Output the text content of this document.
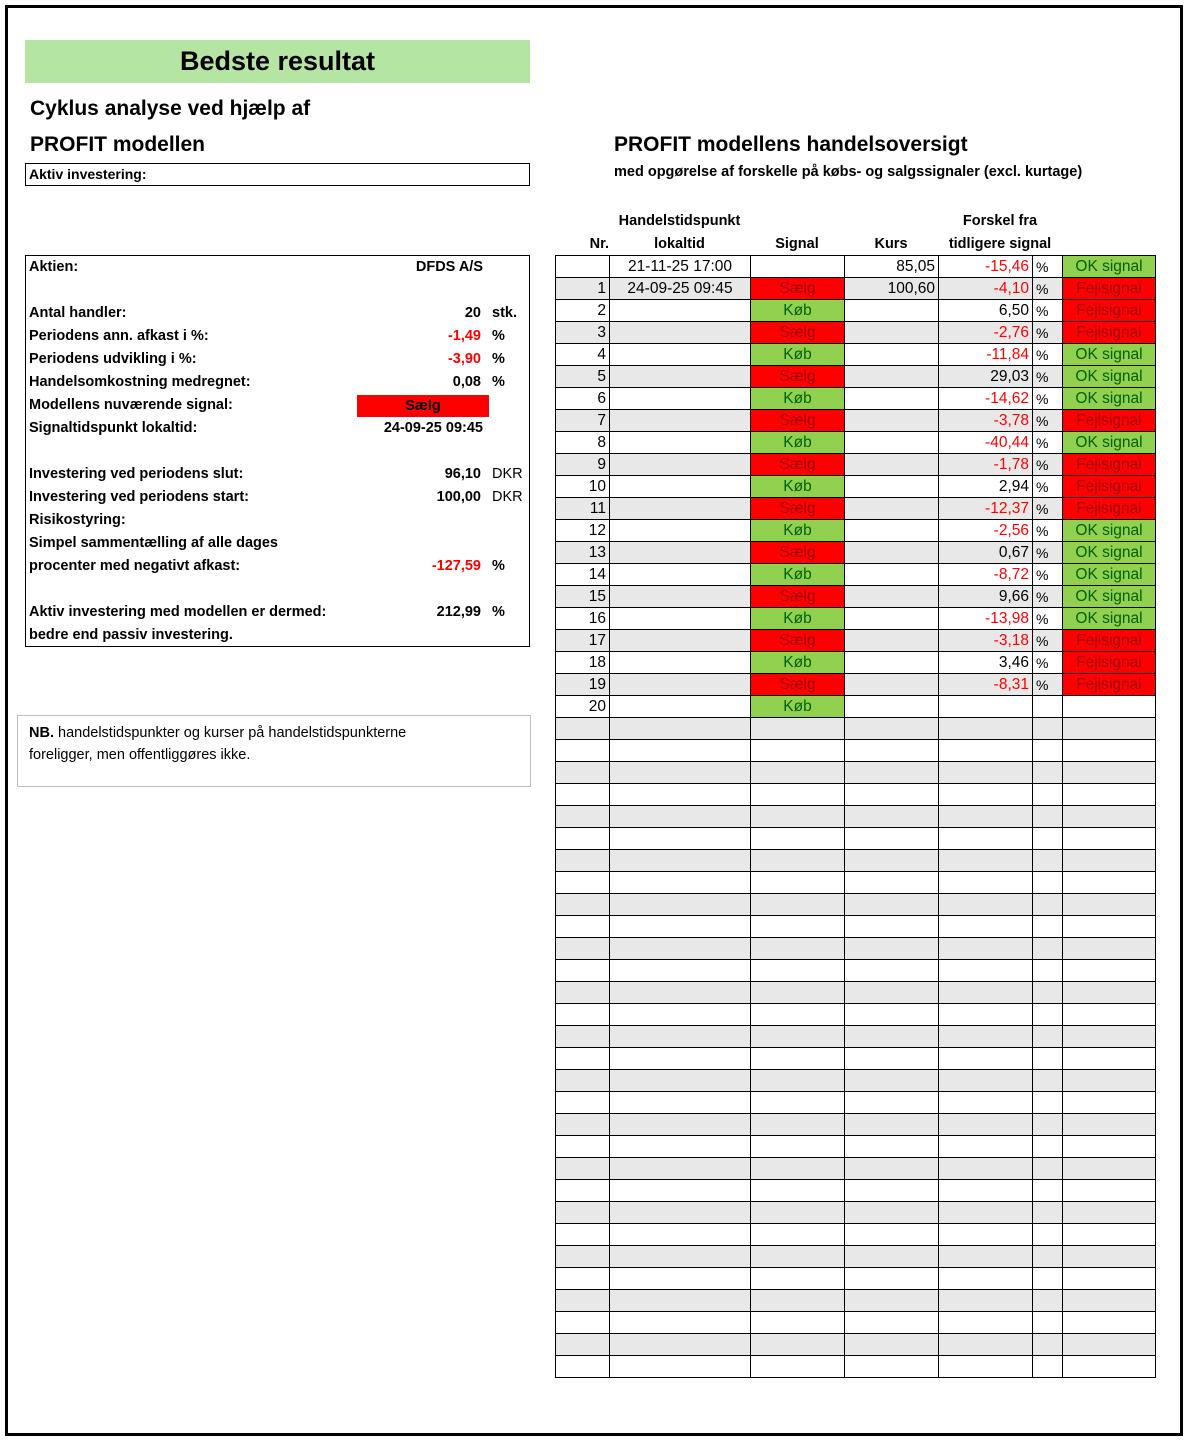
Bedste resultat
Cyklus analyse ved hjælp af
PROFIT modellen
Aktiv investering:
Aktien:	DFDS A/S
Antal handler:	20 stk.
Periodens ann. afkast i %:	-1,49 %
Periodens udvikling i %:	-3,90 %
Handelsomkostning medregnet:	0,08 %
Modellens nuværende signal:	Sælg
Signaltidspunkt lokaltid:	24-09-25 09:45
Investering ved periodens slut:	96,10 DKR
Investering ved periodens start:	100,00 DKR
Risikostyring:
Simpel sammentælling af alle dages
procenter med negativt afkast:	-127,59 %
Aktiv investering med modellen er dermed:	212,99 %
bedre end passiv investering.
NB. handelstidspunkter og kurser på handelstidspunkterne
foreligger, men offentliggøres ikke.
PROFIT modellens handelsoversigt
med opgørelse af forskelle på købs- og salgssignaler (excl. kurtage)
Nr.
Handelstidspunkt
lokaltid	Signal	Kurs
Forskel fra
tidligere signal
	21-11-25 17:00		85,05	-15,46	%	OK signal
1	24-09-25 09:45	Sælg	100,60	-4,10	%	Fejlsignal
2		Køb		6,50	%	Fejlsignal
3		Sælg		-2,76	%	Fejlsignal
4		Køb		-11,84	%	OK signal
5		Sælg		29,03	%	OK signal
6		Køb		-14,62	%	OK signal
7		Sælg		-3,78	%	Fejlsignal
8		Køb		-40,44	%	OK signal
9		Sælg		-1,78	%	Fejlsignal
10		Køb		2,94	%	Fejlsignal
11		Sælg		-12,37	%	Fejlsignal
12		Køb		-2,56	%	OK signal
13		Sælg		0,67	%	OK signal
14		Køb		-8,72	%	OK signal
15		Sælg		9,66	%	OK signal
16		Køb		-13,98	%	OK signal
17		Sælg		-3,18	%	Fejlsignal
18		Køb		3,46	%	Fejlsignal
19		Sælg		-8,31	%	Fejlsignal
20		Køb				
